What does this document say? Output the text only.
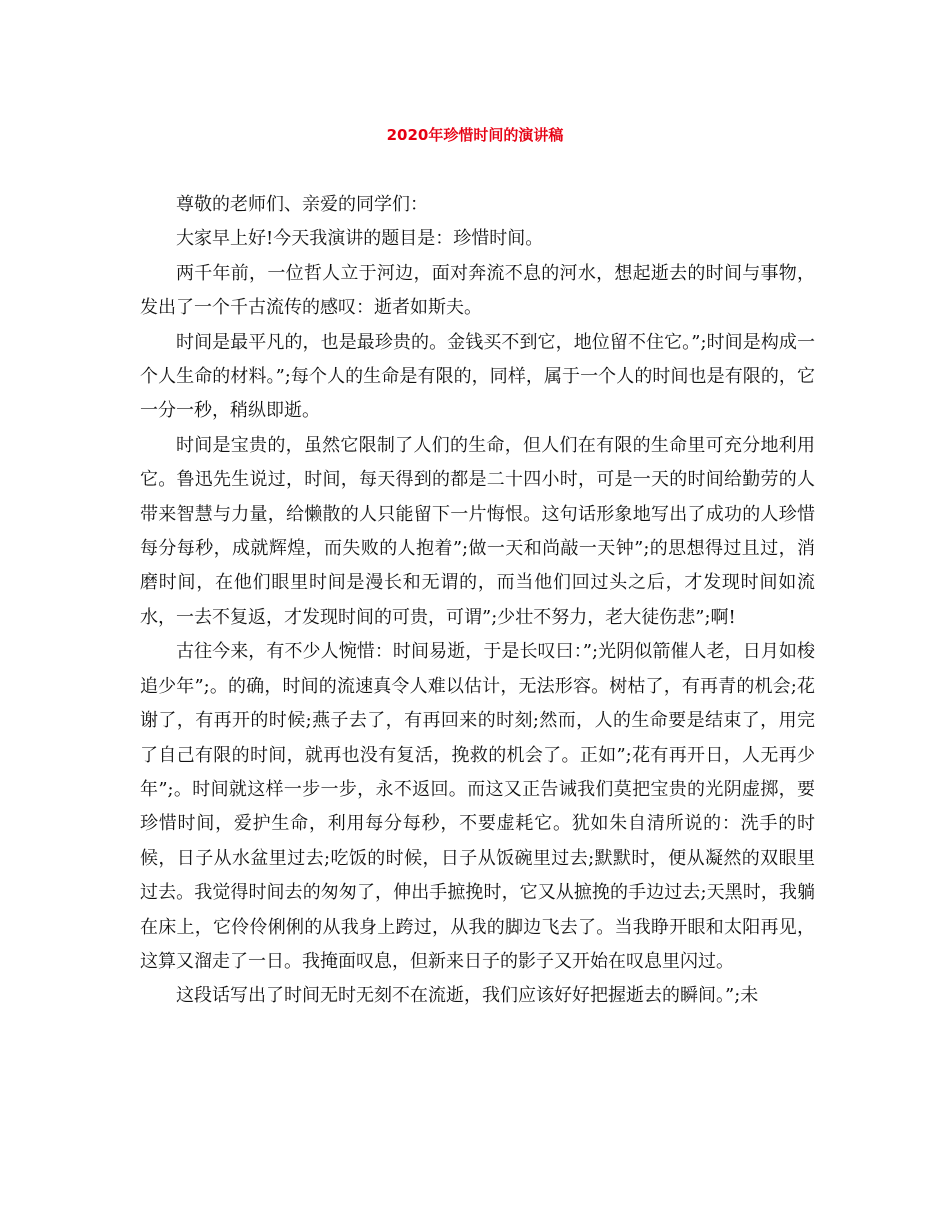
2020年珍惜时间的演讲稿

尊敬的老师们、亲爱的同学们：

大家早上好!今天我演讲的题目是：珍惜时间。

两千年前，一位哲人立于河边，面对奔流不息的河水，想起逝去的时间与事物，发出了一个千古流传的感叹：逝者如斯夫。

时间是最平凡的，也是最珍贵的。金钱买不到它，地位留不住它。”;时间是构成一个人生命的材料。”;每个人的生命是有限的，同样，属于一个人的时间也是有限的，它一分一秒，稍纵即逝。

时间是宝贵的，虽然它限制了人们的生命，但人们在有限的生命里可充分地利用它。鲁迅先生说过，时间，每天得到的都是二十四小时，可是一天的时间给勤劳的人带来智慧与力量，给懒散的人只能留下一片悔恨。这句话形象地写出了成功的人珍惜每分每秒，成就辉煌，而失败的人抱着”;做一天和尚敲一天钟”;的思想得过且过，消磨时间，在他们眼里时间是漫长和无谓的，而当他们回过头之后，才发现时间如流水，一去不复返，才发现时间的可贵，可谓”;少壮不努力，老大徒伤悲”;啊!

古往今来，有不少人惋惜：时间易逝，于是长叹曰：”;光阴似箭催人老，日月如梭追少年”;。的确，时间的流速真令人难以估计，无法形容。树枯了，有再青的机会;花谢了，有再开的时候;燕子去了，有再回来的时刻;然而，人的生命要是结束了，用完了自己有限的时间，就再也没有复活，挽救的机会了。正如”;花有再开日，人无再少年”;。时间就这样一步一步，永不返回。而这又正告诫我们莫把宝贵的光阴虚掷，要珍惜时间，爱护生命，利用每分每秒，不要虚耗它。犹如朱自清所说的：洗手的时候，日子从水盆里过去;吃饭的时候，日子从饭碗里过去;默默时，便从凝然的双眼里过去。我觉得时间去的匆匆了，伸出手摭挽时，它又从摭挽的手边过去;天黑时，我躺在床上，它伶伶俐俐的从我身上跨过，从我的脚边飞去了。当我睁开眼和太阳再见，这算又溜走了一日。我掩面叹息，但新来日子的影子又开始在叹息里闪过。

这段话写出了时间无时无刻不在流逝，我们应该好好把握逝去的瞬间。”;未
